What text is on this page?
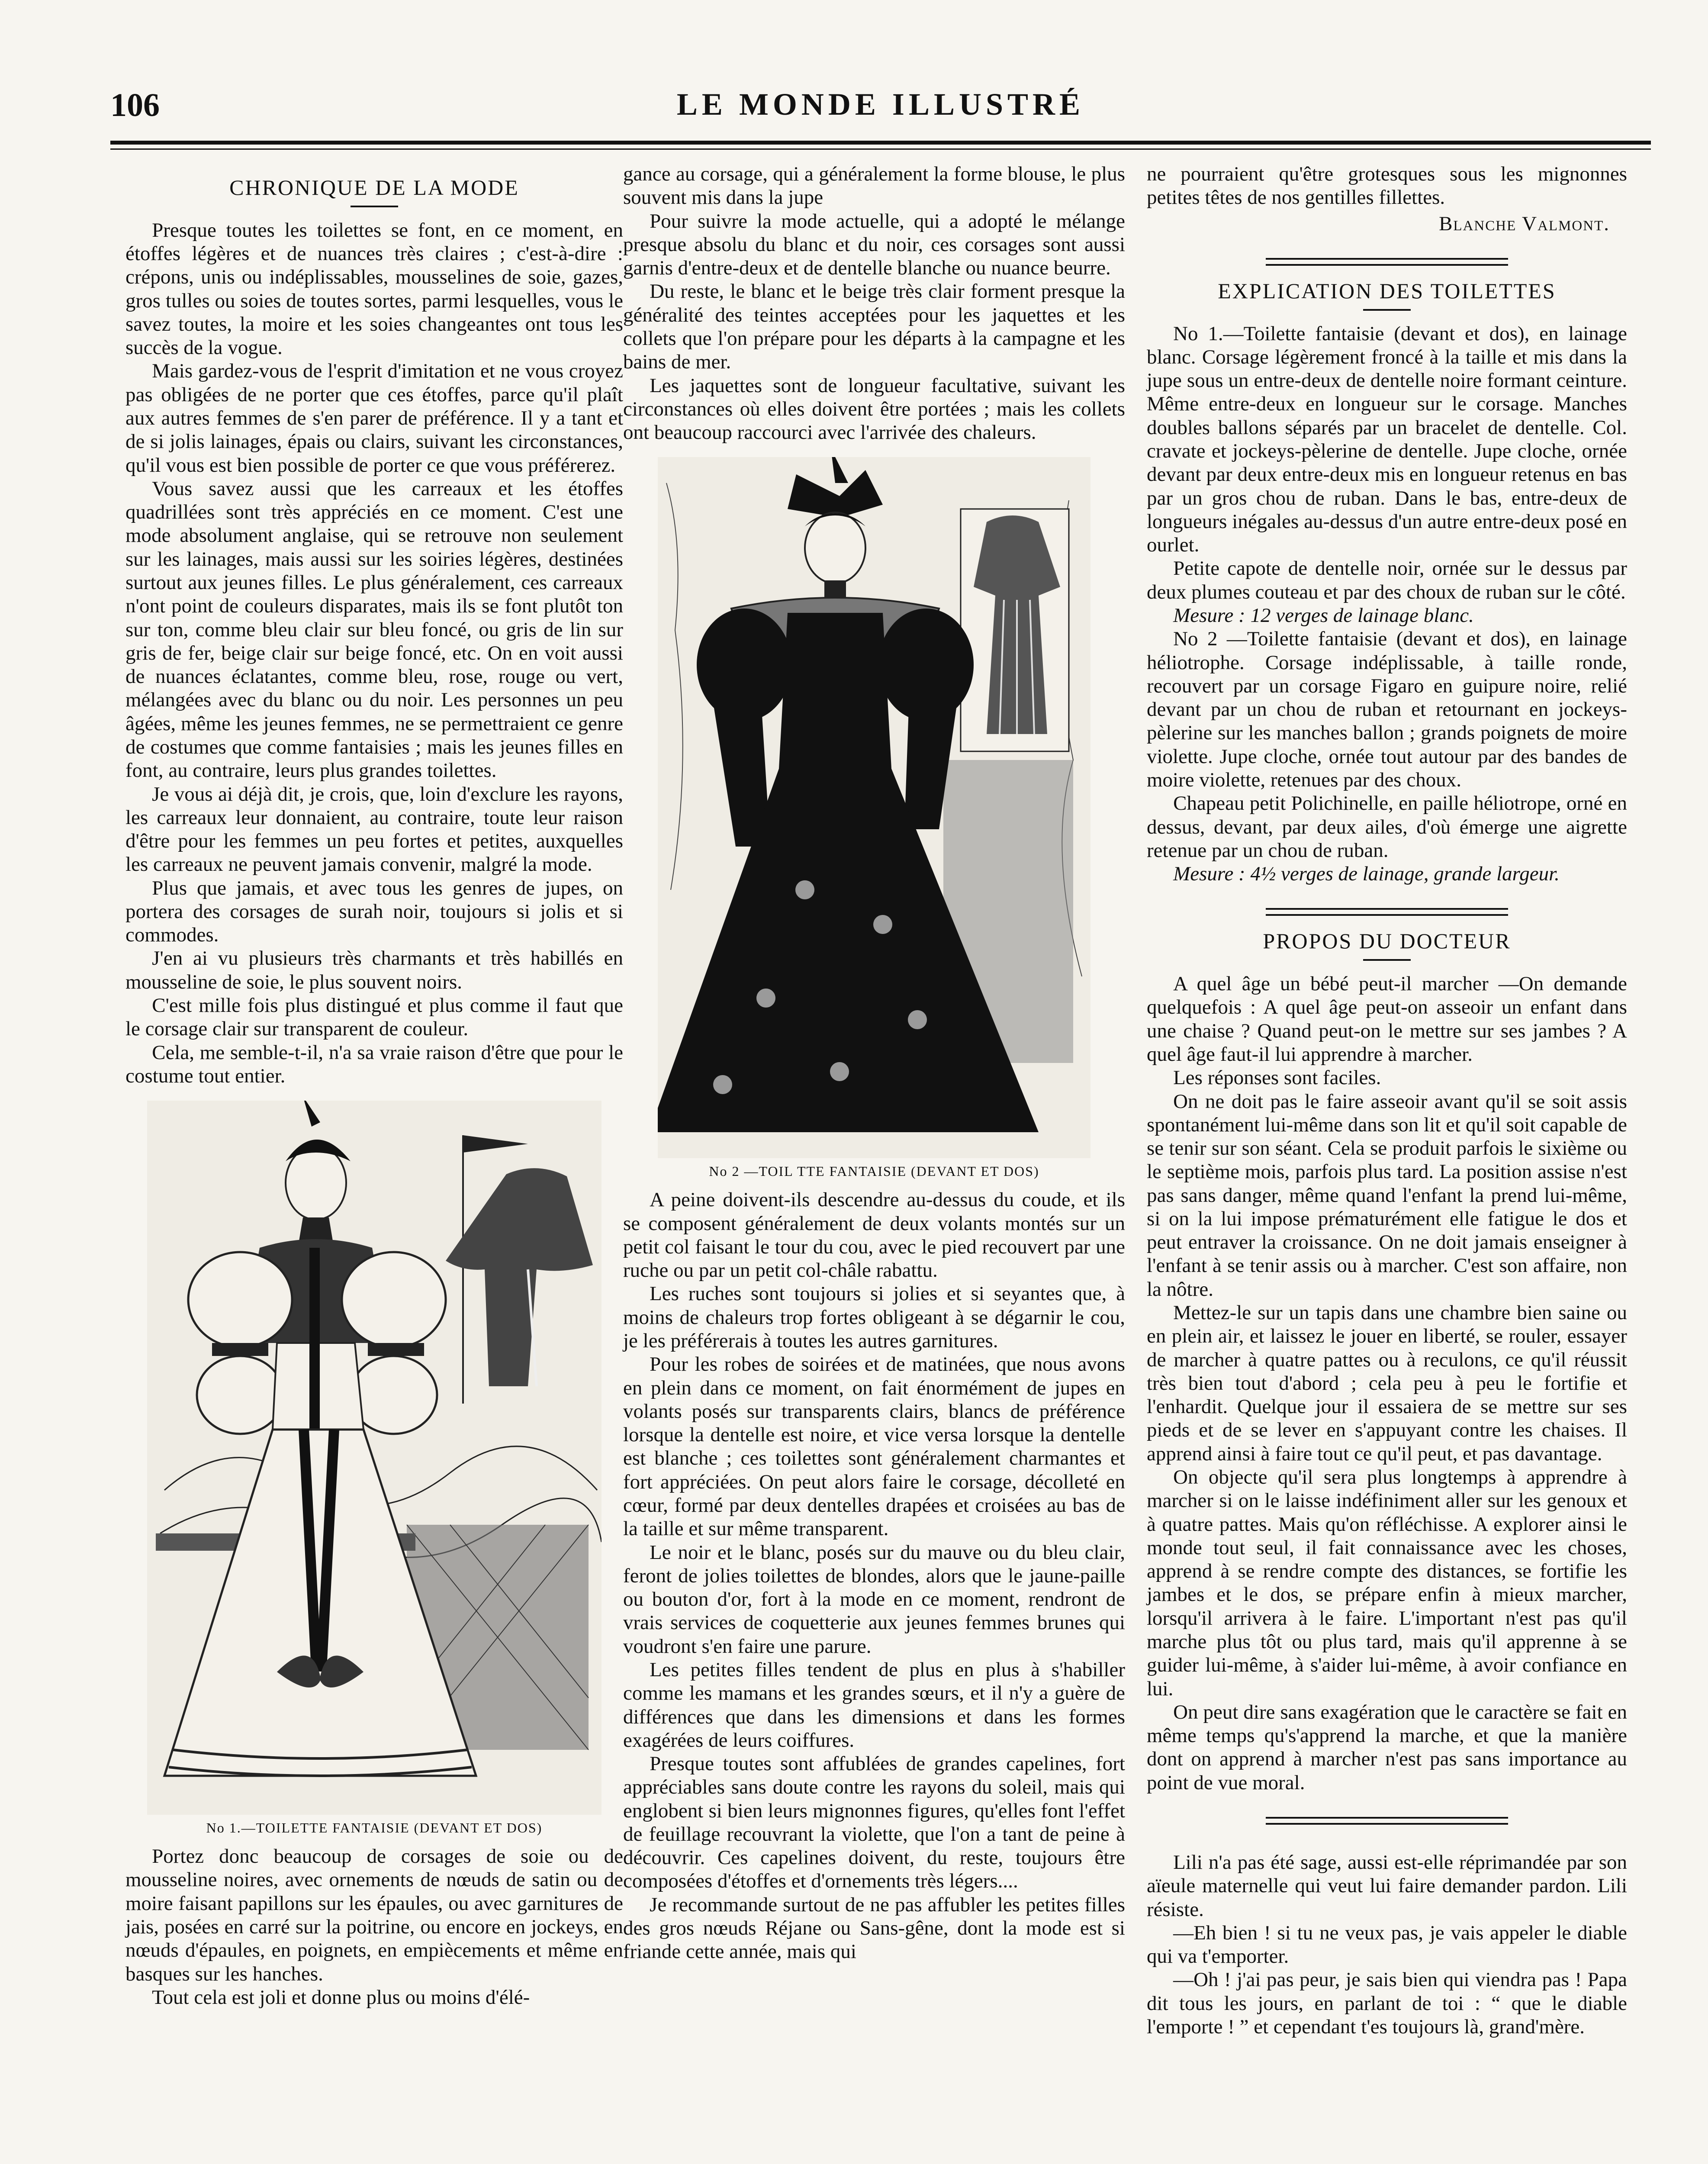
LE MONDE ILLUSTRÉ
106
CHRONIQUE DE LA MODE

Presque toutes les toilettes se font, en ce moment, en étoffes légères et de nuances très claires ; c'est-à-dire : crépons, unis ou indéplissables, mousselines de soie, gazes, gros tulles ou soies de toutes sortes, parmi lesquelles, vous le savez toutes, la moire et les soies changeantes ont tous les succès de la vogue.

Mais gardez-vous de l'esprit d'imitation et ne vous croyez pas obligées de ne porter que ces étoffes, parce qu'il plaît aux autres femmes de s'en parer de préférence. Il y a tant et de si jolis lainages, épais ou clairs, suivant les circonstances, qu'il vous est bien possible de porter ce que vous préférerez.

Vous savez aussi que les carreaux et les étoffes quadrillées sont très appréciés en ce moment. C'est une mode absolument anglaise, qui se retrouve non seulement sur les lainages, mais aussi sur les soiries légères, destinées surtout aux jeunes filles. Le plus généralement, ces carreaux n'ont point de couleurs disparates, mais ils se font plutôt ton sur ton, comme bleu clair sur bleu foncé, ou gris de lin sur gris de fer, beige clair sur beige foncé, etc. On en voit aussi de nuances éclatantes, comme bleu, rose, rouge ou vert, mélangées avec du blanc ou du noir. Les personnes un peu âgées, même les jeunes femmes, ne se permettraient ce genre de costumes que comme fantaisies ; mais les jeunes filles en font, au contraire, leurs plus grandes toilettes.

Je vous ai déjà dit, je crois, que, loin d'exclure les rayons, les carreaux leur donnaient, au contraire, toute leur raison d'être pour les femmes un peu fortes et petites, auxquelles les carreaux ne peuvent jamais convenir, malgré la mode.

Plus que jamais, et avec tous les genres de jupes, on portera des corsages de surah noir, toujours si jolis et si commodes.

J'en ai vu plusieurs très charmants et très habillés en mousseline de soie, le plus souvent noirs.

C'est mille fois plus distingué et plus comme il faut que le corsage clair sur transparent de couleur.

Cela, me semble-t-il, n'a sa vraie raison d'être que pour le costume tout entier.

No 1.—TOILETTE FANTAISIE (DEVANT ET DOS)

Portez donc beaucoup de corsages de soie ou de mousseline noires, avec ornements de nœuds de satin ou de moire faisant papillons sur les épaules, ou avec garnitures de jais, posées en carré sur la poitrine, ou encore en jockeys, en nœuds d'épaules, en poignets, en empiècements et même en basques sur les hanches.

Tout cela est joli et donne plus ou moins d'élé-

gance au corsage, qui a généralement la forme blouse, le plus souvent mis dans la jupe

Pour suivre la mode actuelle, qui a adopté le mélange presque absolu du blanc et du noir, ces corsages sont aussi garnis d'entre-deux et de dentelle blanche ou nuance beurre.

Du reste, le blanc et le beige très clair forment presque la généralité des teintes acceptées pour les jaquettes et les collets que l'on prépare pour les départs à la campagne et les bains de mer.

Les jaquettes sont de longueur facultative, suivant les circonstances où elles doivent être portées ; mais les collets ont beaucoup raccourci avec l'arrivée des chaleurs.

No 2 —TOIL TTE FANTAISIE (DEVANT ET DOS)

A peine doivent-ils descendre au-dessus du coude, et ils se composent généralement de deux volants montés sur un petit col faisant le tour du cou, avec le pied recouvert par une ruche ou par un petit col-châle rabattu.

Les ruches sont toujours si jolies et si seyantes que, à moins de chaleurs trop fortes obligeant à se dégarnir le cou, je les préférerais à toutes les autres garnitures.

Pour les robes de soirées et de matinées, que nous avons en plein dans ce moment, on fait énormément de jupes en volants posés sur transparents clairs, blancs de préférence lorsque la dentelle est noire, et vice versa lorsque la dentelle est blanche ; ces toilettes sont généralement charmantes et fort appréciées. On peut alors faire le corsage, décolleté en cœur, formé par deux dentelles drapées et croisées au bas de la taille et sur même transparent.

Le noir et le blanc, posés sur du mauve ou du bleu clair, feront de jolies toilettes de blondes, alors que le jaune-paille ou bouton d'or, fort à la mode en ce moment, rendront de vrais services de coquetterie aux jeunes femmes brunes qui voudront s'en faire une parure.

Les petites filles tendent de plus en plus à s'habiller comme les mamans et les grandes sœurs, et il n'y a guère de différences que dans les dimensions et dans les formes exagérées de leurs coiffures.

Presque toutes sont affublées de grandes capelines, fort appréciables sans doute contre les rayons du soleil, mais qui englobent si bien leurs mignonnes figures, qu'elles font l'effet de feuillage recouvrant la violette, que l'on a tant de peine à découvrir. Ces capelines doivent, du reste, toujours être composées d'étoffes et d'ornements très légers....

Je recommande surtout de ne pas affubler les petites filles des gros nœuds Réjane ou Sans-gêne, dont la mode est si friande cette année, mais qui

ne pourraient qu'être grotesques sous les mignonnes petites têtes de nos gentilles fillettes.

Blanche Valmont.
EXPLICATION DES TOILETTES

No 1.—Toilette fantaisie (devant et dos), en lainage blanc. Corsage légèrement froncé à la taille et mis dans la jupe sous un entre-deux de dentelle noire formant ceinture. Même entre-deux en longueur sur le corsage. Manches doubles ballons séparés par un bracelet de dentelle. Col. cravate et jockeys-pèlerine de dentelle. Jupe cloche, ornée devant par deux entre-deux mis en longueur retenus en bas par un gros chou de ruban. Dans le bas, entre-deux de longueurs inégales au-dessus d'un autre entre-deux posé en ourlet.

Petite capote de dentelle noir, ornée sur le dessus par deux plumes couteau et par des choux de ruban sur le côté.

Mesure : 12 verges de lainage blanc.

No 2 —Toilette fantaisie (devant et dos), en lainage héliotrophe. Corsage indéplissable, à taille ronde, recouvert par un corsage Figaro en guipure noire, relié devant par un chou de ruban et retournant en jockeys-pèlerine sur les manches ballon ; grands poignets de moire violette. Jupe cloche, ornée tout autour par des bandes de moire violette, retenues par des choux.

Chapeau petit Polichinelle, en paille héliotrope, orné en dessus, devant, par deux ailes, d'où émerge une aigrette retenue par un chou de ruban.

Mesure : 4½ verges de lainage, grande largeur.

PROPOS DU DOCTEUR

A quel âge un bébé peut-il marcher —On demande quelquefois : A quel âge peut-on asseoir un enfant dans une chaise ? Quand peut-on le mettre sur ses jambes ? A quel âge faut-il lui apprendre à marcher.

Les réponses sont faciles.

On ne doit pas le faire asseoir avant qu'il se soit assis spontanément lui-même dans son lit et qu'il soit capable de se tenir sur son séant. Cela se produit parfois le sixième ou le septième mois, parfois plus tard. La position assise n'est pas sans danger, même quand l'enfant la prend lui-même, si on la lui impose prématurément elle fatigue le dos et peut entraver la croissance. On ne doit jamais enseigner à l'enfant à se tenir assis ou à marcher. C'est son affaire, non la nôtre.

Mettez-le sur un tapis dans une chambre bien saine ou en plein air, et laissez le jouer en liberté, se rouler, essayer de marcher à quatre pattes ou à reculons, ce qu'il réussit très bien tout d'abord ; cela peu à peu le fortifie et l'enhardit. Quelque jour il essaiera de se mettre sur ses pieds et de se lever en s'appuyant contre les chaises. Il apprend ainsi à faire tout ce qu'il peut, et pas davantage.

On objecte qu'il sera plus longtemps à apprendre à marcher si on le laisse indéfiniment aller sur les genoux et à quatre pattes. Mais qu'on réfléchisse. A explorer ainsi le monde tout seul, il fait connaissance avec les choses, apprend à se rendre compte des distances, se fortifie les jambes et le dos, se prépare enfin à mieux marcher, lorsqu'il arrivera à le faire. L'important n'est pas qu'il marche plus tôt ou plus tard, mais qu'il apprenne à se guider lui-même, à s'aider lui-même, à avoir confiance en lui.

On peut dire sans exagération que le caractère se fait en même temps qu's'apprend la marche, et que la manière dont on apprend à marcher n'est pas sans importance au point de vue moral.

Lili n'a pas été sage, aussi est-elle réprimandée par son aïeule maternelle qui veut lui faire demander pardon. Lili résiste.

—Eh bien ! si tu ne veux pas, je vais appeler le diable qui va t'emporter.

—Oh ! j'ai pas peur, je sais bien qui viendra pas ! Papa dit tous les jours, en parlant de toi : “ que le diable l'emporte ! ” et cependant t'es toujours là, grand'mère.
